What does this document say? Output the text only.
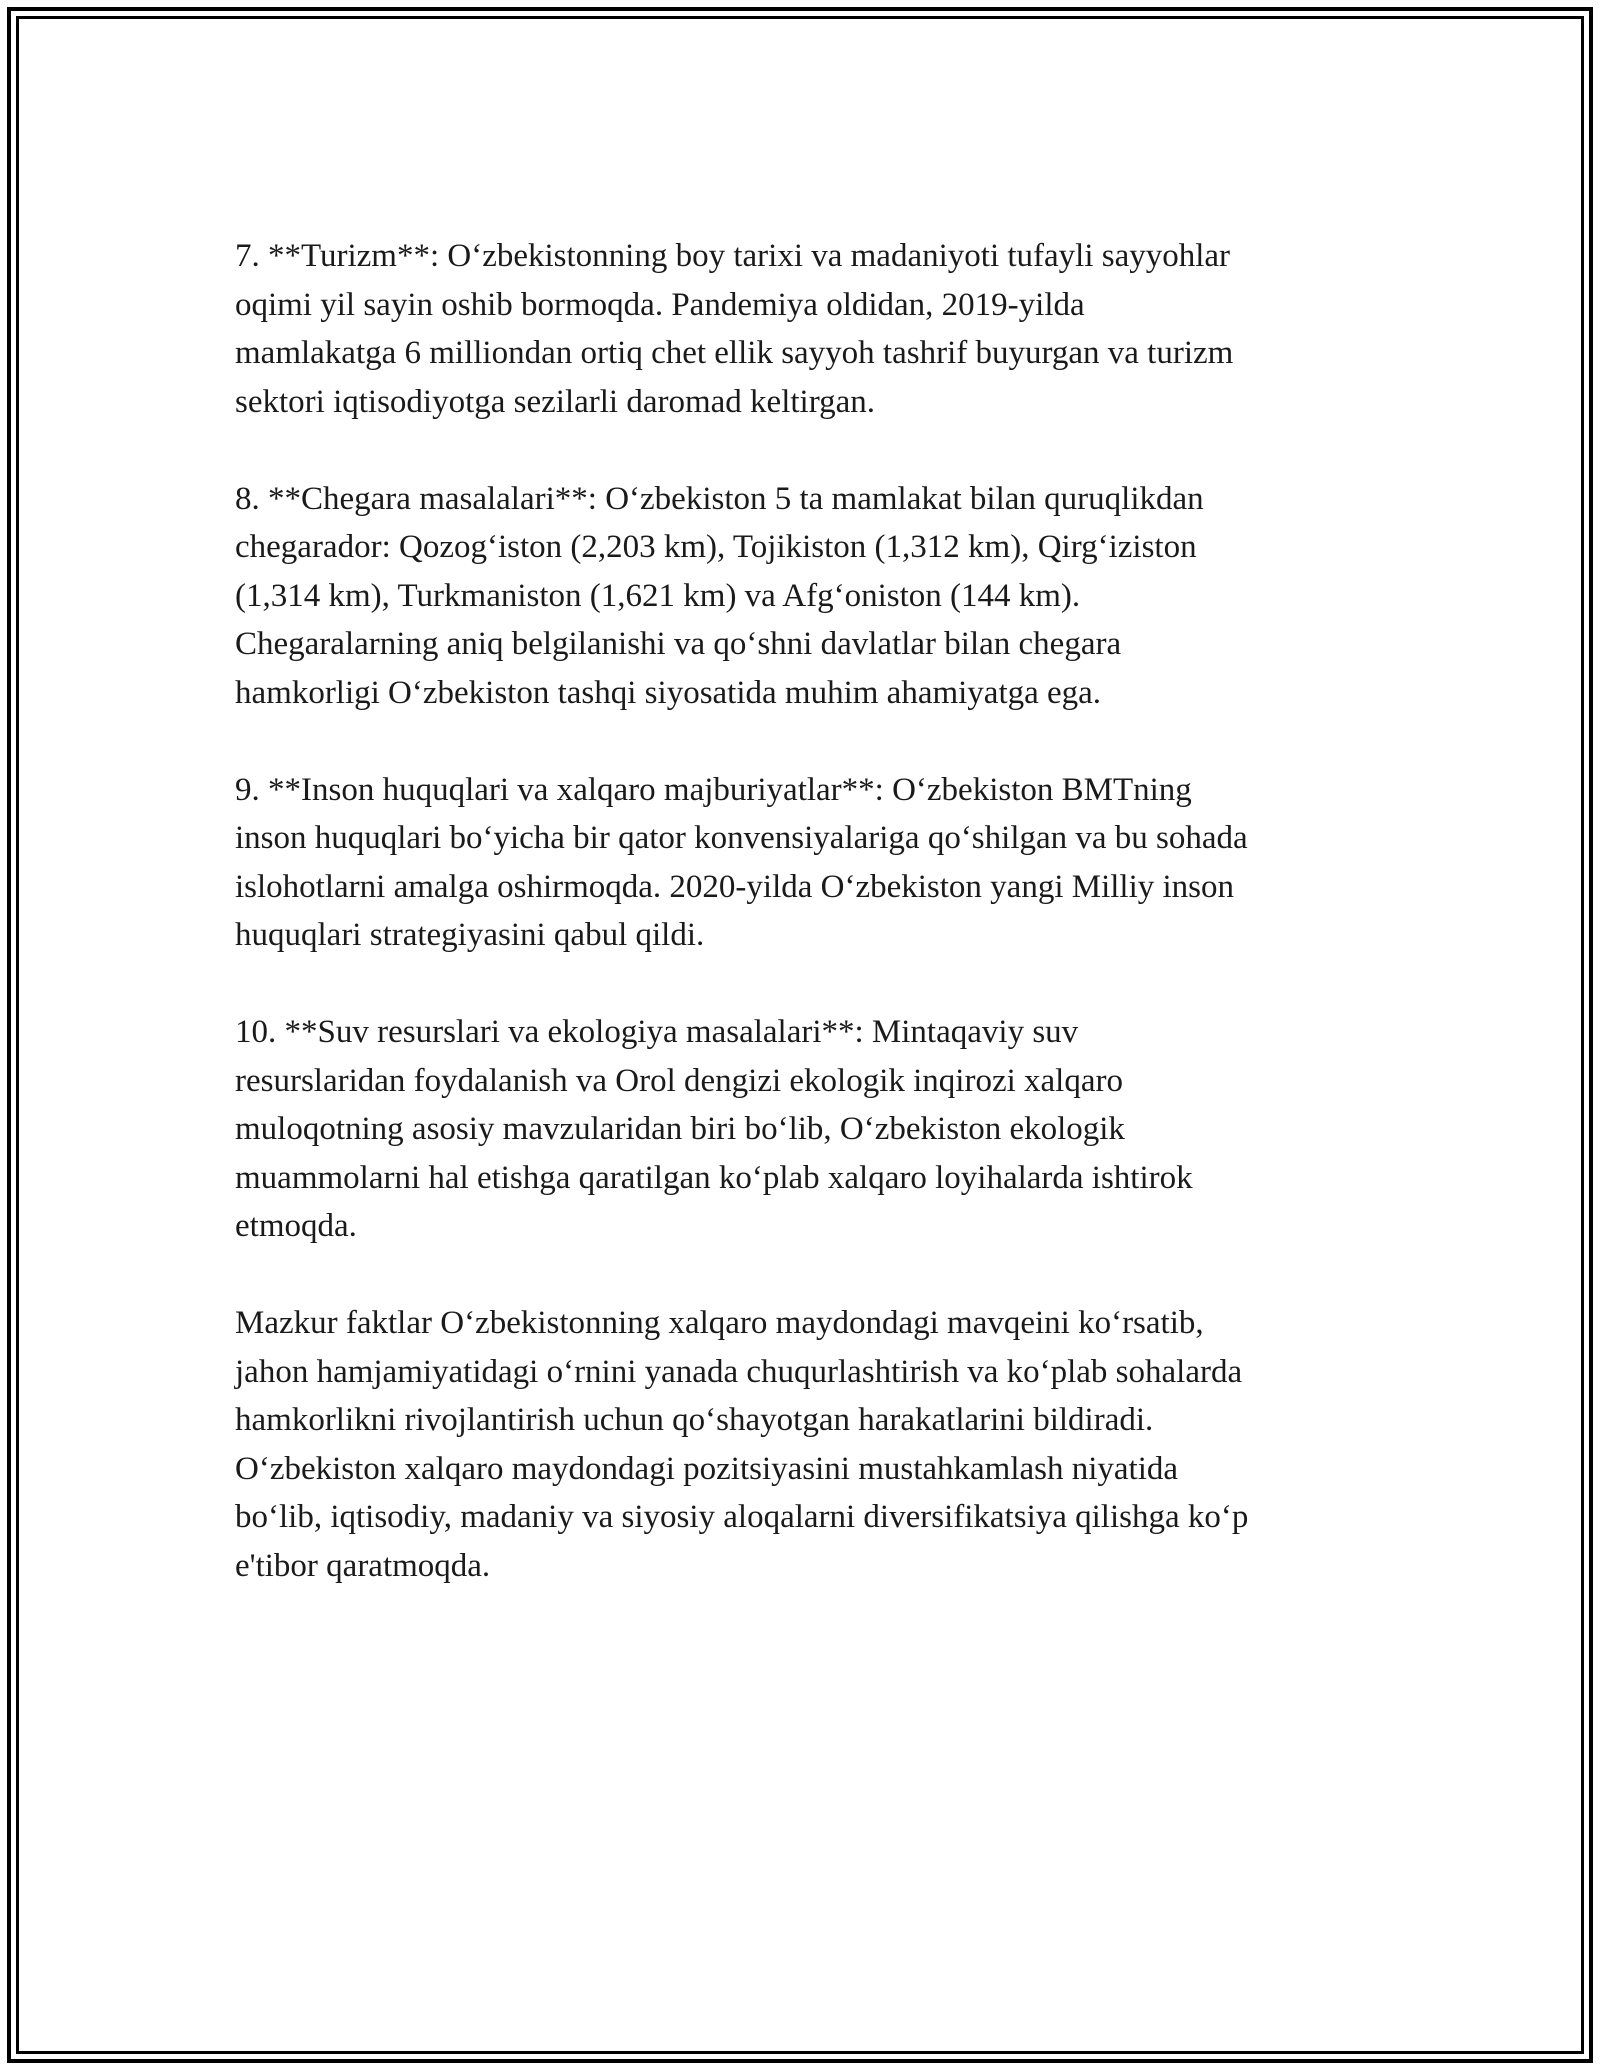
7. **Turizm**: O‘zbekistonning boy tarixi va madaniyoti tufayli sayyohlar
oqimi yil sayin oshib bormoqda. Pandemiya oldidan, 2019-yilda
mamlakatga 6 milliondan ortiq chet ellik sayyoh tashrif buyurgan va turizm
sektori iqtisodiyotga sezilarli daromad keltirgan.

8. **Chegara masalalari**: O‘zbekiston 5 ta mamlakat bilan quruqlikdan
chegarador: Qozog‘iston (2,203 km), Tojikiston (1,312 km), Qirg‘iziston
(1,314 km), Turkmaniston (1,621 km) va Afg‘oniston (144 km).
Chegaralarning aniq belgilanishi va qo‘shni davlatlar bilan chegara
hamkorligi O‘zbekiston tashqi siyosatida muhim ahamiyatga ega.

9. **Inson huquqlari va xalqaro majburiyatlar**: O‘zbekiston BMTning
inson huquqlari bo‘yicha bir qator konvensiyalariga qo‘shilgan va bu sohada
islohotlarni amalga oshirmoqda. 2020-yilda O‘zbekiston yangi Milliy inson
huquqlari strategiyasini qabul qildi.

10. **Suv resurslari va ekologiya masalalari**: Mintaqaviy suv
resurslaridan foydalanish va Orol dengizi ekologik inqirozi xalqaro
muloqotning asosiy mavzularidan biri bo‘lib, O‘zbekiston ekologik
muammolarni hal etishga qaratilgan ko‘plab xalqaro loyihalarda ishtirok
etmoqda.

Mazkur faktlar O‘zbekistonning xalqaro maydondagi mavqeini ko‘rsatib,
jahon hamjamiyatidagi o‘rnini yanada chuqurlashtirish va ko‘plab sohalarda
hamkorlikni rivojlantirish uchun qo‘shayotgan harakatlarini bildiradi.
O‘zbekiston xalqaro maydondagi pozitsiyasini mustahkamlash niyatida
bo‘lib, iqtisodiy, madaniy va siyosiy aloqalarni diversifikatsiya qilishga ko‘p
e'tibor qaratmoqda.
